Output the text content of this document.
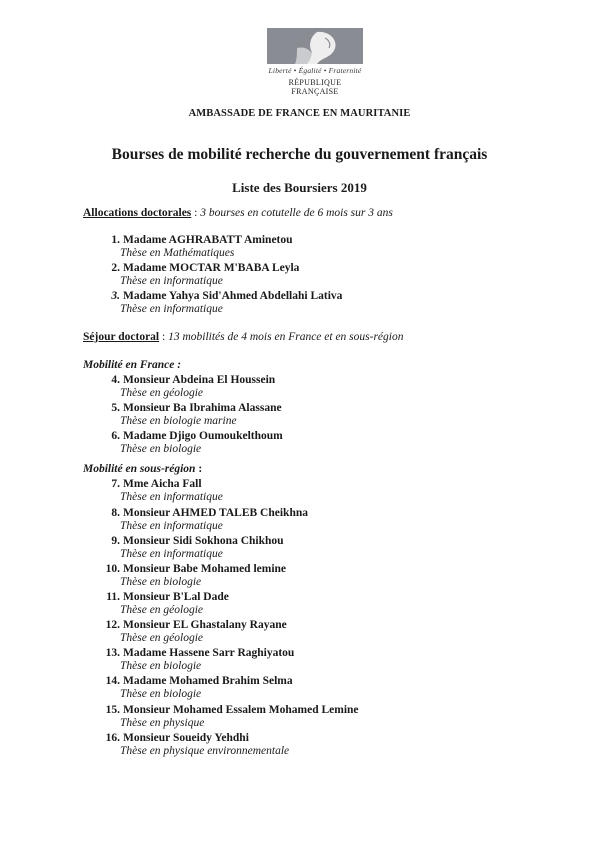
Liberté • Égalité • Fraternité
RÉPUBLIQUE FRANÇAISE
AMBASSADE DE FRANCE EN MAURITANIE
Bourses de mobilité recherche du gouvernement français
Liste des Boursiers 2019
Allocations doctorales : 3 bourses en cotutelle de 6 mois sur 3 ans
1. Madame AGHRABATT Aminetou
Thèse en Mathématiques
2. Madame MOCTAR M'BABA Leyla
Thèse en informatique
3. Madame Yahya Sid'Ahmed Abdellahi Lativa
Thèse en informatique
Séjour doctoral : 13 mobilités de 4 mois en France et en sous-région
Mobilité en France :
4. Monsieur Abdeina El Houssein
Thèse en géologie
5. Monsieur Ba Ibrahima Alassane
Thèse en biologie marine
6. Madame Djigo Oumoukelthoum
Thèse en biologie
Mobilité en sous-région :
7. Mme Aicha Fall
Thèse en informatique
8. Monsieur AHMED TALEB Cheikhna
Thèse en informatique
9. Monsieur Sidi Sokhona Chikhou
Thèse en informatique
10. Monsieur Babe Mohamed lemine
Thèse en biologie
11. Monsieur B'Lal Dade
Thèse en géologie
12. Monsieur EL Ghastalany Rayane
Thèse en géologie
13. Madame Hassene Sarr Raghiyatou
Thèse en biologie
14. Madame Mohamed Brahim Selma
Thèse en biologie
15. Monsieur Mohamed Essalem Mohamed Lemine
Thèse en physique
16. Monsieur Soueidy Yehdhi
Thèse en physique environnementale
